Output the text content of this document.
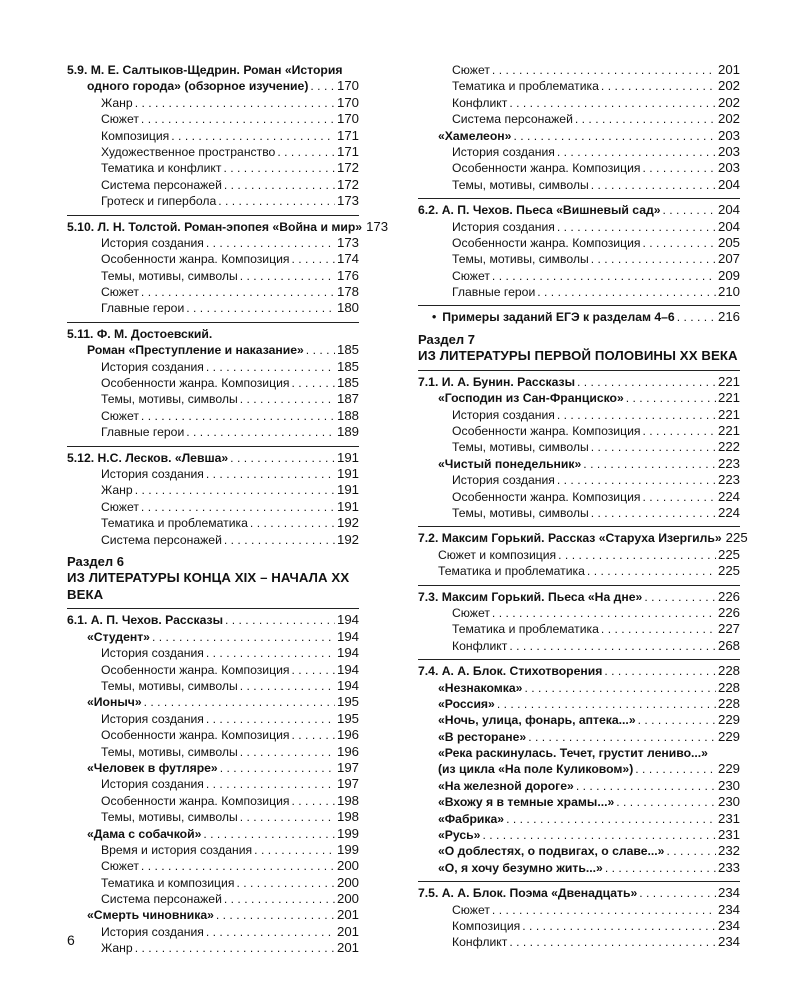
5.9. М. Е. Салтыков-Щедрин. Роман «История
одного города» (обзорное изучение) . . . 170
Жанр . . .	170
Сюжет . . .	170
Композиция . . .	171
Художественное пространство . . .	171
Тематика и конфликт . . .	172
Система персонажей . . .	172
Гротеск и гипербола . . .	173
5.10. Л. Н. Толстой. Роман-эпопея «Война и мир» 173
История создания . . .	173
Особенности жанра. Композиция . . .	174
Темы, мотивы, символы . . .	176
Сюжет . . .	178
Главные герои . . .	180
5.11. Ф. М. Достоевский.
Роман «Преступление и наказание» . . .	185
История создания . . .	185
Особенности жанра. Композиция . . .	185
Темы, мотивы, символы . . .	187
Сюжет . . .	188
Главные герои . . .	189
5.12. Н.С. Лесков. «Левша» . . .	191
История создания . . .	191
Жанр . . .	191
Сюжет . . .	191
Тематика и проблематика . . .	192
Система персонажей . . .	192
Раздел 6
ИЗ ЛИТЕРАТУРЫ КОНЦА XIX – НАЧАЛА XX ВЕКА
6.1. А. П. Чехов. Рассказы . . .	194
«Студент» . . .	194
История создания . . .	194
Особенности жанра. Композиция . . .	194
Темы, мотивы, символы . . .	194
«Ионыч» . . .	195
История создания . . .	195
Особенности жанра. Композиция . . .	196
Темы, мотивы, символы . . .	196
«Человек в футляре» . . .	197
История создания . . .	197
Особенности жанра. Композиция . . .	198
Темы, мотивы, символы . . .	198
«Дама с собачкой» . . .	199
Время и история создания . . .	199
Сюжет . . .	200
Тематика и композиция . . .	200
Система персонажей . . .	200
«Смерть чиновника» . . .	201
История создания . . .	201
Жанр . . .	201
Сюжет . . .	201
Тематика и проблематика . . .	202
Конфликт . . .	202
Система персонажей . . .	202
«Хамелеон» . . .	203
История создания . . .	203
Особенности жанра. Композиция . . .	203
Темы, мотивы, символы . . .	204
6.2. А. П. Чехов. Пьеса «Вишневый сад» . . .	204
История создания . . .	204
Особенности жанра. Композиция . . .	205
Темы, мотивы, символы . . .	207
Сюжет . . .	209
Главные герои . . .	210
• Примеры заданий ЕГЭ к разделам 4–6 . . .	216
Раздел 7
ИЗ ЛИТЕРАТУРЫ ПЕРВОЙ ПОЛОВИНЫ XX ВЕКА
7.1. И. А. Бунин. Рассказы . . .	221
«Господин из Сан-Франциско» . . .	221
История создания . . .	221
Особенности жанра. Композиция . . .	221
Темы, мотивы, символы . . .	222
«Чистый понедельник» . . .	223
История создания . . .	223
Особенности жанра. Композиция . . .	224
Темы, мотивы, символы . . .	224
7.2. Максим Горький. Рассказ «Старуха Изергиль» 225
Сюжет и композиция . . .	225
Тематика и проблематика . . .	225
7.3. Максим Горький. Пьеса «На дне» . . .	226
Сюжет . . .	226
Тематика и проблематика . . .	227
Конфликт . . .	268
7.4. А. А. Блок. Стихотворения . . .	228
«Незнакомка» . . .	228
«Россия» . . .	228
«Ночь, улица, фонарь, аптека...» . . .	229
«В ресторане» . . .	229
«Река раскинулась. Течет, грустит лениво...»
(из цикла «На поле Куликовом») . . .	229
«На железной дороге» . . .	230
«Вхожу я в темные храмы...» . . .	230
«Фабрика» . . .	231
«Русь» . . .	231
«О доблестях, о подвигах, о славе...» . . .	232
«О, я хочу безумно жить...» . . .	233
7.5. А. А. Блок. Поэма «Двенадцать» . . .	234
Сюжет . . .	234
Композиция . . .	234
Конфликт . . .	234
6
